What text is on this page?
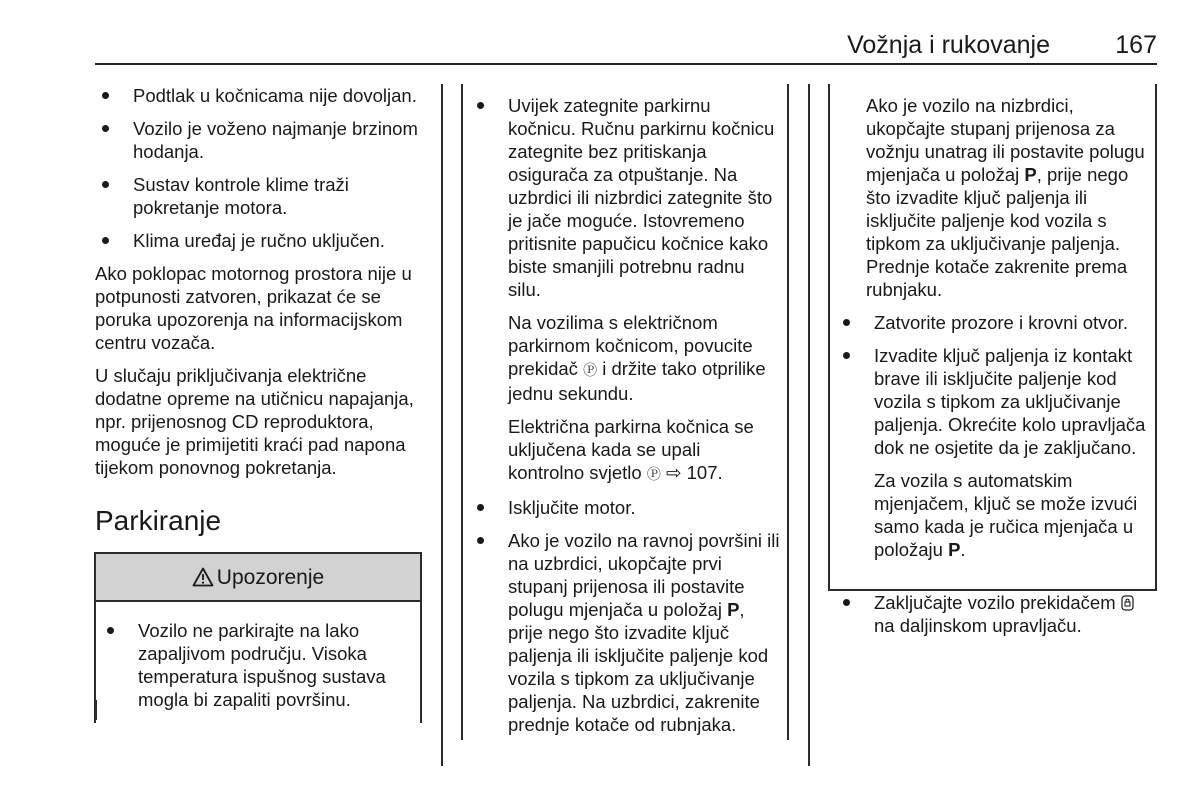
Vožnja i rukovanje	167
Podtlak u kočnicama nije dovoljan.
Vozilo je voženo najmanje brzinom hodanja.
Sustav kontrole klime traži pokretanje motora.
Klima uređaj je ručno uključen.

Ako poklopac motornog prostora nije u potpunosti zatvoren, prikazat će se poruka upozorenja na informacijskom centru vozača.

U slučaju priključivanja električne dodatne opreme na utičnicu napajanja, npr. prijenosnog CD reproduktora, moguće je primijetiti kraći pad napona tijekom ponovnog pokretanja.

Parkiranje
Upozorenje
Vozilo ne parkirajte na lako zapaljivom području. Visoka temperatura ispušnog sustava mogla bi zapaliti površinu.

Uvijek zategnite parkirnu kočnicu. Ručnu parkirnu kočnicu zategnite bez pritiskanja osigurača za otpuštanje. Na uzbrdici ili nizbrdici zategnite što je jače moguće. Istovremeno pritisnite papučicu kočnice kako biste smanjili potrebnu radnu silu.

Na vozilima s električnom parkirnom kočnicom, povucite prekidač Ⓟ i držite tako otprilike jednu sekundu.

Električna parkirna kočnica se uključena kada se upali kontrolno svjetlo Ⓟ ⇨ 107.

Isključite motor.
Ako je vozilo na ravnoj površini ili na uzbrdici, ukopčajte prvi stupanj prijenosa ili postavite polugu mjenjača u položaj P, prije nego što izvadite ključ paljenja ili isključite paljenje kod vozila s tipkom za uključivanje paljenja. Na uzbrdici, zakrenite prednje kotače od rubnjaka.

Ako je vozilo na nizbrdici, ukopčajte stupanj prijenosa za vožnju unatrag ili postavite polugu mjenjača u položaj P, prije nego što izvadite ključ paljenja ili isključite paljenje kod vozila s tipkom za uključivanje paljenja. Prednje kotače zakrenite prema rubnjaku.

Zatvorite prozore i krovni otvor.

Izvadite ključ paljenja iz kontakt brave ili isključite paljenje kod vozila s tipkom za uključivanje paljenja. Okrećite kolo upravljača dok ne osjetite da je zaključano.

Za vozila s automatskim mjenjačem, ključ se može izvući samo kada je ručica mjenjača u položaju P.

Zaključajte vozilo prekidačem  na daljinskom upravljaču.
